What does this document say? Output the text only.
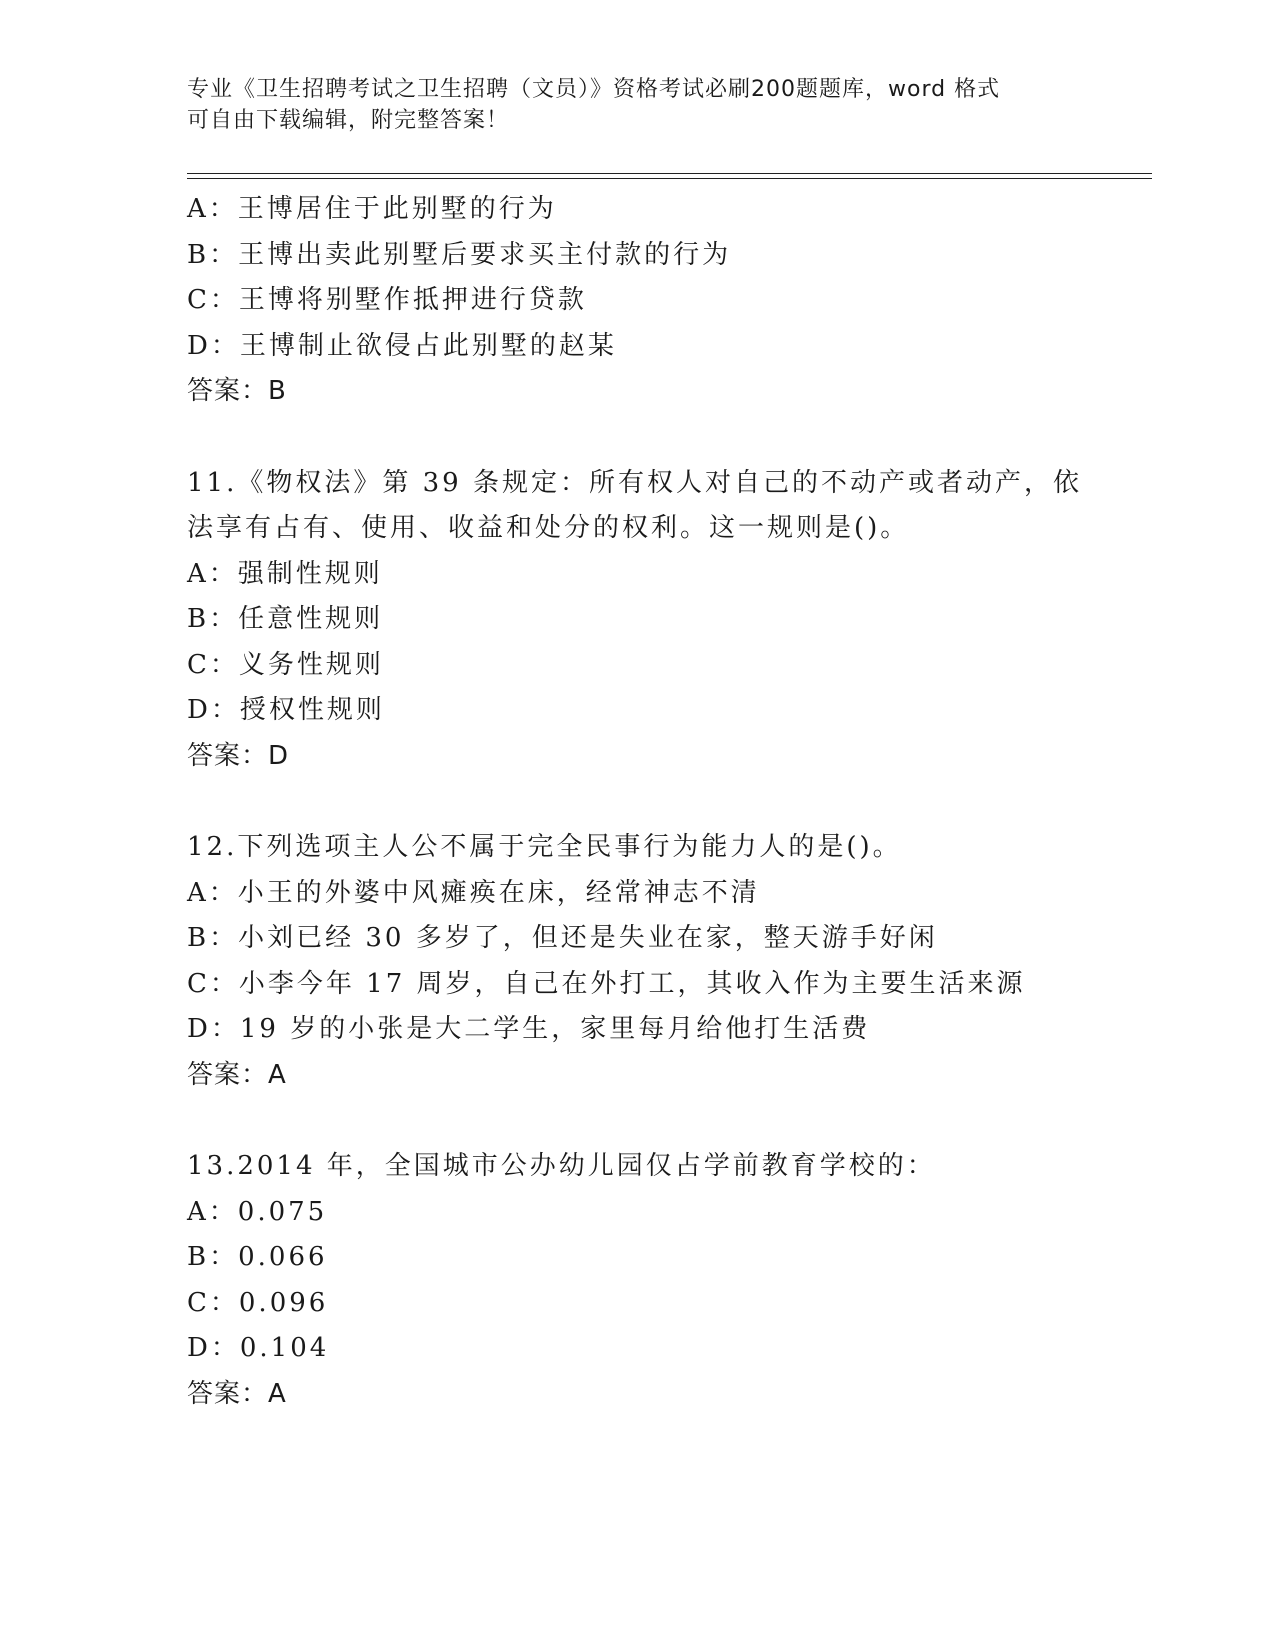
专业《卫生招聘考试之卫生招聘（文员）》资格考试必刷200题题库，word 格式
可自由下载编辑，附完整答案！
A：王博居住于此别墅的行为
B：王博出卖此别墅后要求买主付款的行为
C：王博将别墅作抵押进行贷款
D：王博制止欲侵占此别墅的赵某
答案：B
11.《物权法》第 39 条规定：所有权人对自己的不动产或者动产，依
法享有占有、使用、收益和处分的权利。这一规则是()。
A：强制性规则
B：任意性规则
C：义务性规则
D：授权性规则
答案：D
12.下列选项主人公不属于完全民事行为能力人的是()。
A：小王的外婆中风瘫痪在床，经常神志不清
B：小刘已经 30 多岁了，但还是失业在家，整天游手好闲
C：小李今年 17 周岁，自己在外打工，其收入作为主要生活来源
D：19 岁的小张是大二学生，家里每月给他打生活费
答案：A
13.2014 年，全国城市公办幼儿园仅占学前教育学校的：
A：0.075
B：0.066
C：0.096
D：0.104
答案：A
